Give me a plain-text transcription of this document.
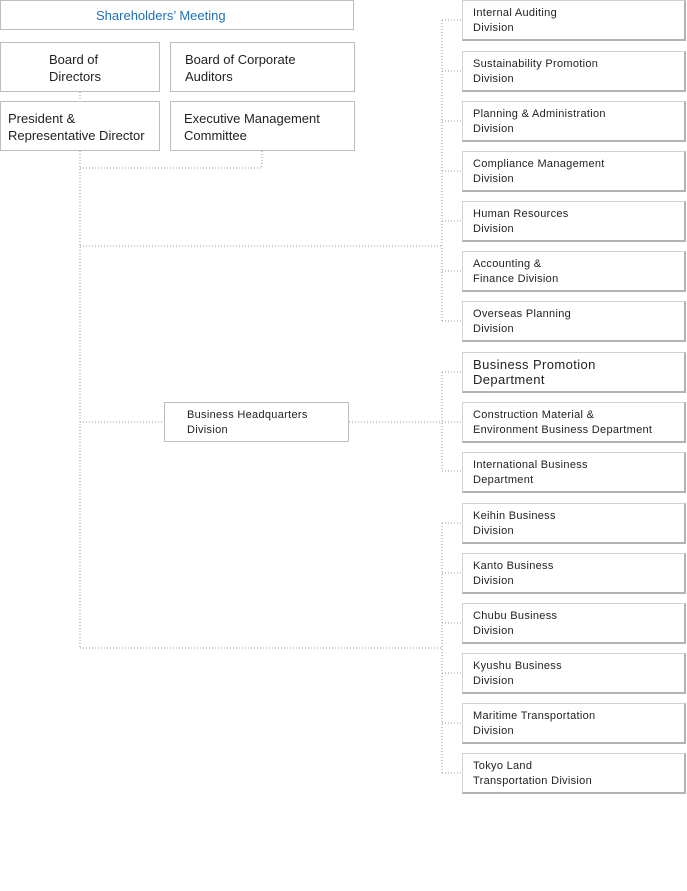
Shareholders’ Meeting
Board of
Directors
Board of Corporate
Auditors
President &
Representative Director
Executive Management
Committee
Business Headquarters
Division
Internal Auditing
Division
Sustainability Promotion
Division
Planning & Administration
Division
Compliance Management
Division
Human Resources
Division
Accounting &
Finance Division
Overseas Planning
Division
Business Promotion
Department
Construction Material &
Environment Business Department
International Business
Department
Keihin Business
Division
Kanto Business
Division
Chubu Business
Division
Kyushu Business
Division
Maritime Transportation
Division
Tokyo Land
Transportation Division
